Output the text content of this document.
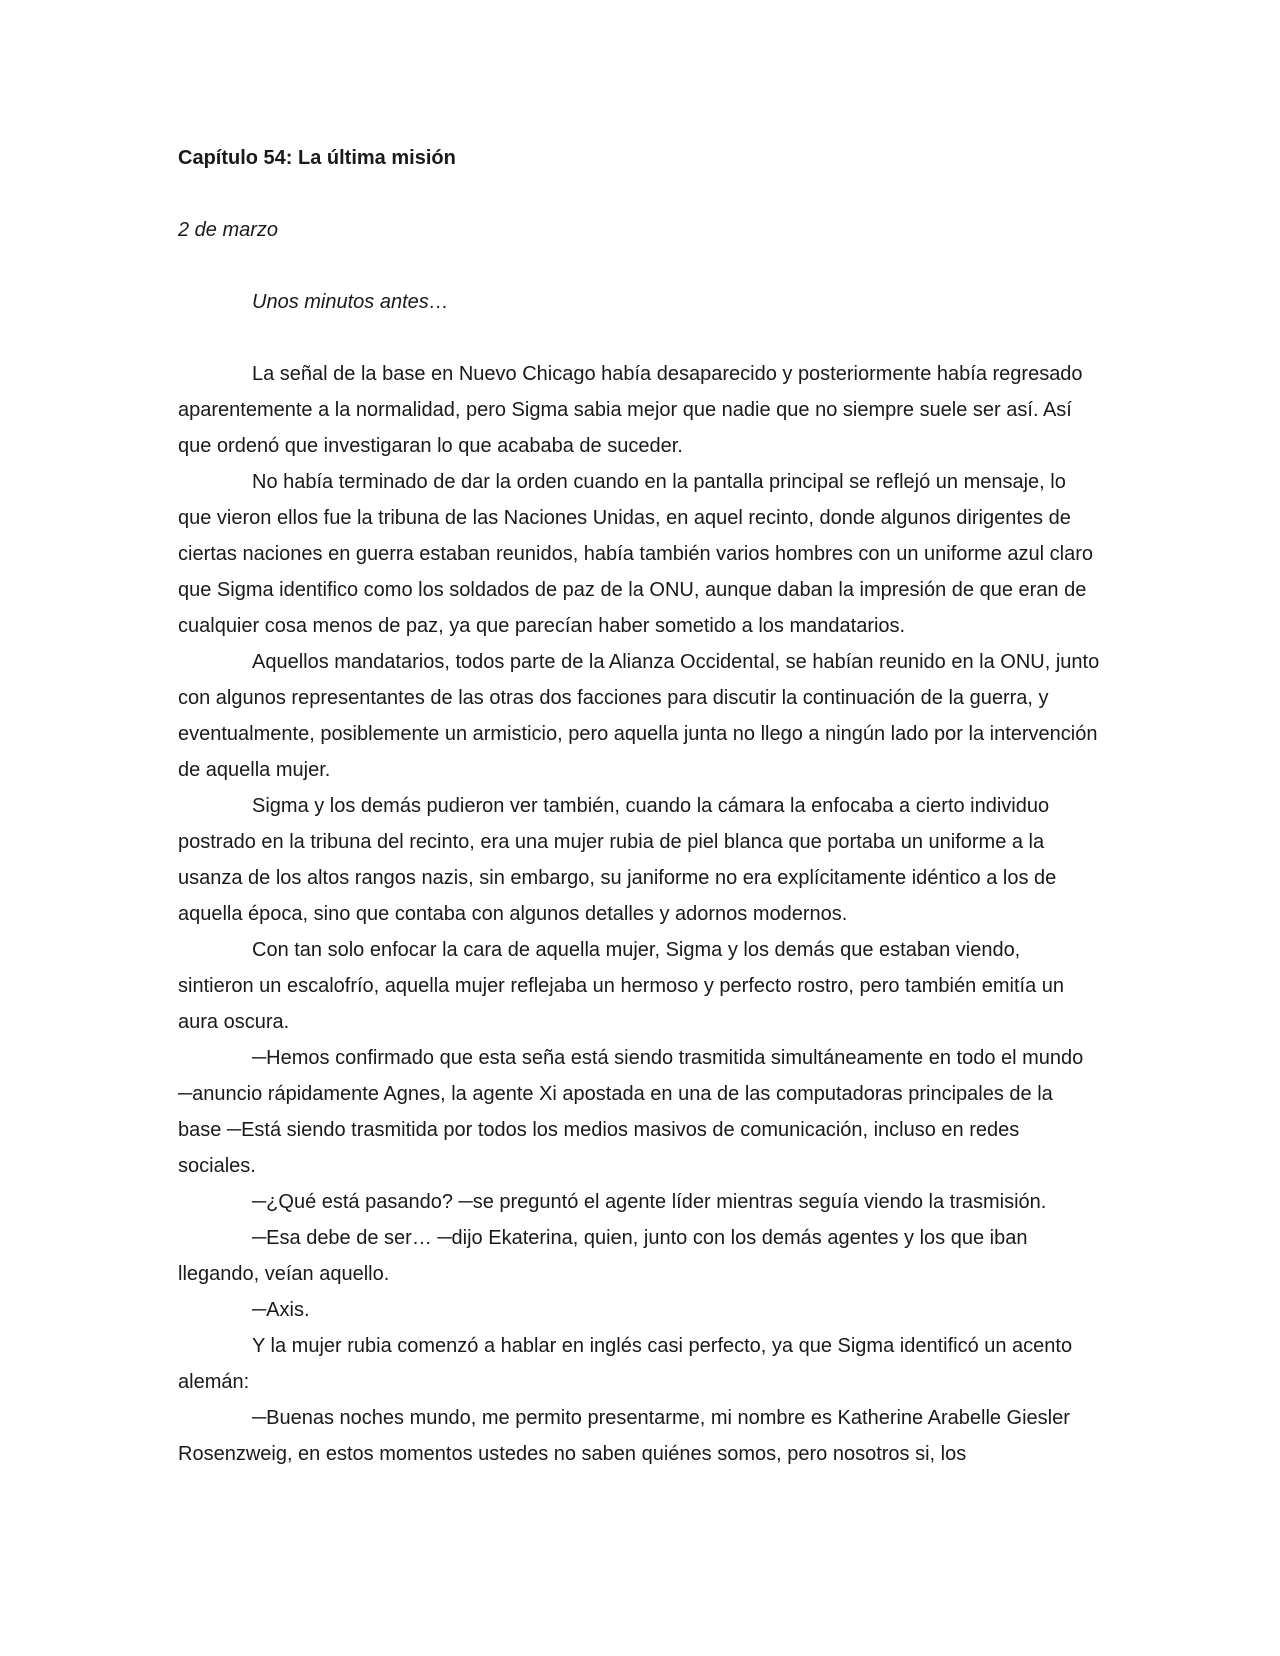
Capítulo 54: La última misión

2 de marzo

Unos minutos antes…

La señal de la base en Nuevo Chicago había desaparecido y posteriormente había regresado aparentemente a la normalidad, pero Sigma sabia mejor que nadie que no siempre suele ser así. Así que ordenó que investigaran lo que acababa de suceder.

No había terminado de dar la orden cuando en la pantalla principal se reflejó un mensaje, lo que vieron ellos fue la tribuna de las Naciones Unidas, en aquel recinto, donde algunos dirigentes de ciertas naciones en guerra estaban reunidos, había también varios hombres con un uniforme azul claro que Sigma identifico como los soldados de paz de la ONU, aunque daban la impresión de que eran de cualquier cosa menos de paz, ya que parecían haber sometido a los mandatarios.

Aquellos mandatarios, todos parte de la Alianza Occidental, se habían reunido en la ONU, junto con algunos representantes de las otras dos facciones para discutir la continuación de la guerra, y eventualmente, posiblemente un armisticio, pero aquella junta no llego a ningún lado por la intervención de aquella mujer.

Sigma y los demás pudieron ver también, cuando la cámara la enfocaba a cierto individuo postrado en la tribuna del recinto, era una mujer rubia de piel blanca que portaba un uniforme a la usanza de los altos rangos nazis, sin embargo, su janiforme no era explícitamente idéntico a los de aquella época, sino que contaba con algunos detalles y adornos modernos.

Con tan solo enfocar la cara de aquella mujer, Sigma y los demás que estaban viendo, sintieron un escalofrío, aquella mujer reflejaba un hermoso y perfecto rostro, pero también emitía un aura oscura.

─Hemos confirmado que esta seña está siendo trasmitida simultáneamente en todo el mundo ─anuncio rápidamente Agnes, la agente Xi apostada en una de las computadoras principales de la base ─Está siendo trasmitida por todos los medios masivos de comunicación, incluso en redes sociales.

─¿Qué está pasando? ─se preguntó el agente líder mientras seguía viendo la trasmisión.

─Esa debe de ser… ─dijo Ekaterina, quien, junto con los demás agentes y los que iban llegando, veían aquello.

─Axis.

Y la mujer rubia comenzó a hablar en inglés casi perfecto, ya que Sigma identificó un acento alemán:

─Buenas noches mundo, me permito presentarme, mi nombre es Katherine Arabelle Giesler Rosenzweig, en estos momentos ustedes no saben quiénes somos, pero nosotros si, los
